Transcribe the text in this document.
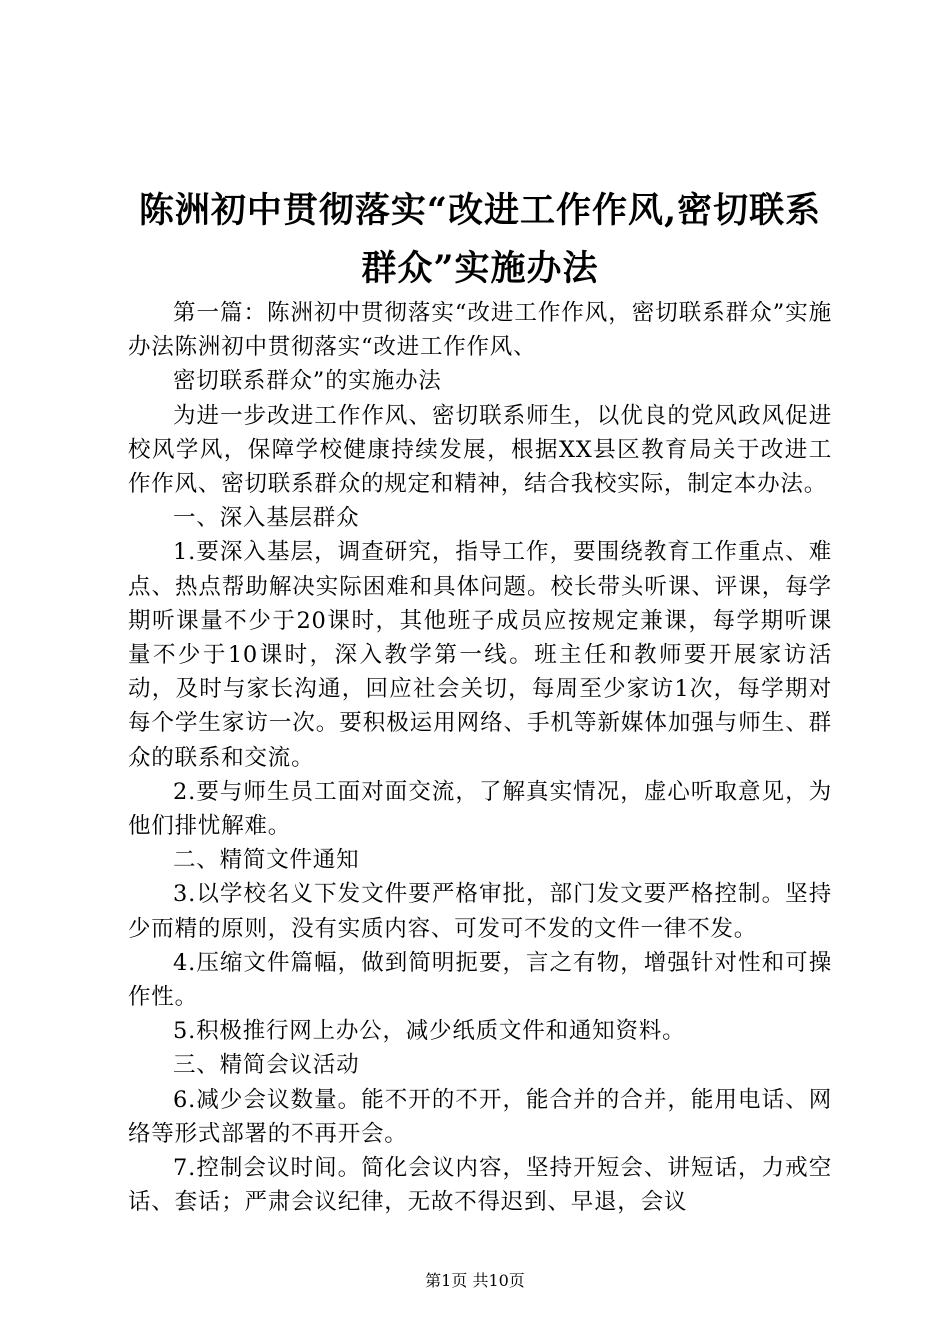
陈洲初中贯彻落实“改进工作作风,密切联系群众”实施办法

第一篇：陈洲初中贯彻落实“改进工作作风，密切联系群众”实施办法陈洲初中贯彻落实“改进工作作风、

密切联系群众”的实施办法

为进一步改进工作作风、密切联系师生，以优良的党风政风促进校风学风，保障学校健康持续发展，根据XX县区教育局关于改进工作作风、密切联系群众的规定和精神，结合我校实际，制定本办法。

一、深入基层群众

1.要深入基层，调查研究，指导工作，要围绕教育工作重点、难点、热点帮助解决实际困难和具体问题。校长带头听课、评课，每学期听课量不少于20课时，其他班子成员应按规定兼课，每学期听课量不少于10课时，深入教学第一线。班主任和教师要开展家访活动，及时与家长沟通，回应社会关切，每周至少家访1次，每学期对每个学生家访一次。要积极运用网络、手机等新媒体加强与师生、群众的联系和交流。

2.要与师生员工面对面交流，了解真实情况，虚心听取意见，为他们排忧解难。

二、精简文件通知

3.以学校名义下发文件要严格审批，部门发文要严格控制。坚持少而精的原则，没有实质内容、可发可不发的文件一律不发。

4.压缩文件篇幅，做到简明扼要，言之有物，增强针对性和可操作性。

5.积极推行网上办公，减少纸质文件和通知资料。

三、精简会议活动

6.减少会议数量。能不开的不开，能合并的合并，能用电话、网络等形式部署的不再开会。

7.控制会议时间。简化会议内容，坚持开短会、讲短话，力戒空话、套话；严肃会议纪律，无故不得迟到、早退，会议

第1页 共10页
